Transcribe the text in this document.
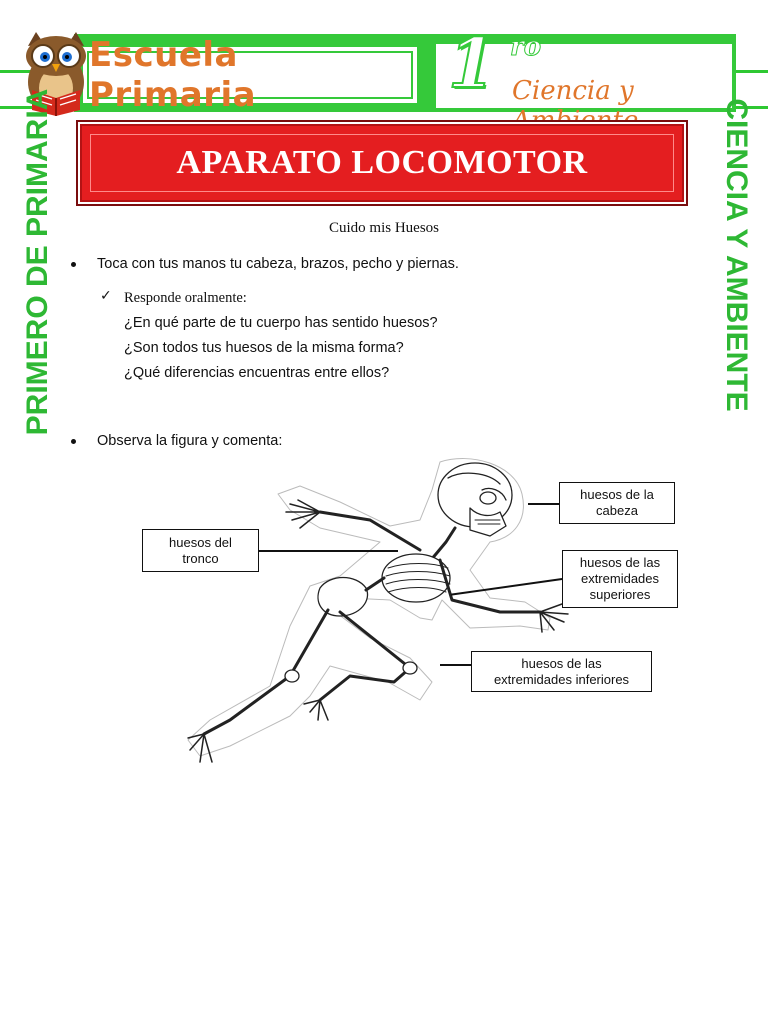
Escuela Primaria	1 ro
Ciencia y
APARATO LOCOMOTOR
PRIMERO DE PRIMARIA	CIENCIA Y AMBIENTE
Cuido mis Huesos
Toca con tus manos tu cabeza, brazos, pecho y piernas.
✓ Responde oralmente:
¿En qué parte de tu cuerpo has sentido huesos?
¿Son todos tus huesos de la misma forma?
¿Qué diferencias encuentras entre ellos?
Observa la figura y comenta:
huesos de la cabeza
huesos del tronco	huesos de las extremidades superiores
huesos de las extremidades inferiores
